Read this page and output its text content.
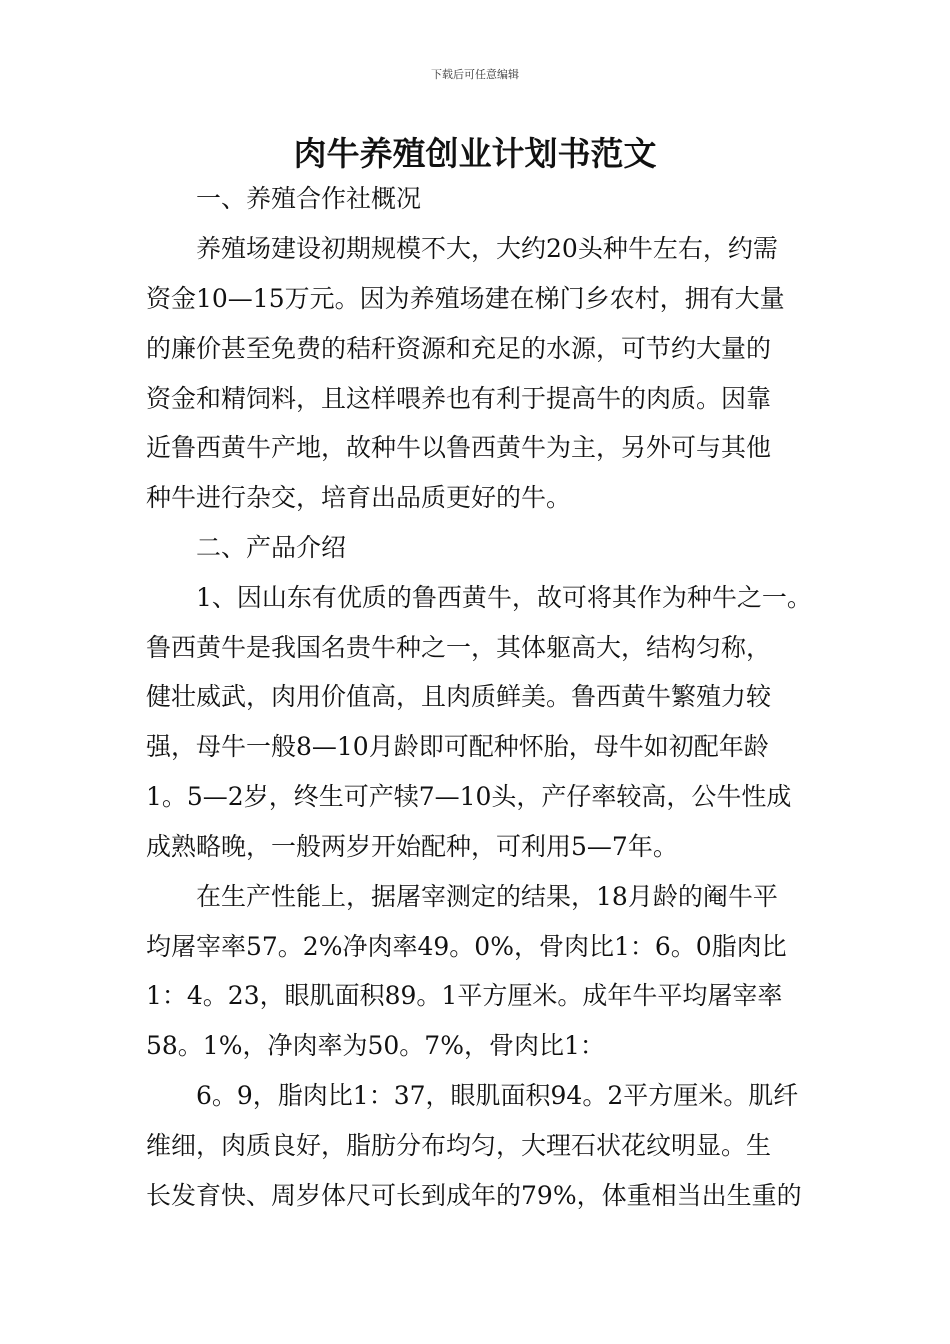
下载后可任意编辑
肉牛养殖创业计划书范文
一、养殖合作社概况
养殖场建设初期规模不大，大约20头种牛左右，约需
资金10—15万元。因为养殖场建在梯门乡农村，拥有大量
的廉价甚至免费的秸秆资源和充足的水源，可节约大量的
资金和精饲料，且这样喂养也有利于提高牛的肉质。因靠
近鲁西黄牛产地，故种牛以鲁西黄牛为主，另外可与其他
种牛进行杂交，培育出品质更好的牛。
二、产品介绍
1、因山东有优质的鲁西黄牛，故可将其作为种牛之一。
鲁西黄牛是我国名贵牛种之一，其体躯高大，结构匀称，
健壮威武，肉用价值高，且肉质鲜美。鲁西黄牛繁殖力较
强，母牛一般8—10月龄即可配种怀胎，母牛如初配年龄
1。5—2岁，终生可产犊7—10头，产仔率较高，公牛性成
成熟略晚，一般两岁开始配种，可利用5—7年。
在生产性能上，据屠宰测定的结果，18月龄的阉牛平
均屠宰率57。2%净肉率49。0%，骨肉比1：6。0脂肉比
1：4。23，眼肌面积89。1平方厘米。成年牛平均屠宰率
58。1%，净肉率为50。7%，骨肉比1：
6。9，脂肉比1：37，眼肌面积94。2平方厘米。肌纤
维细，肉质良好，脂肪分布均匀，大理石状花纹明显。生
长发育快、周岁体尺可长到成年的79%，体重相当出生重的
